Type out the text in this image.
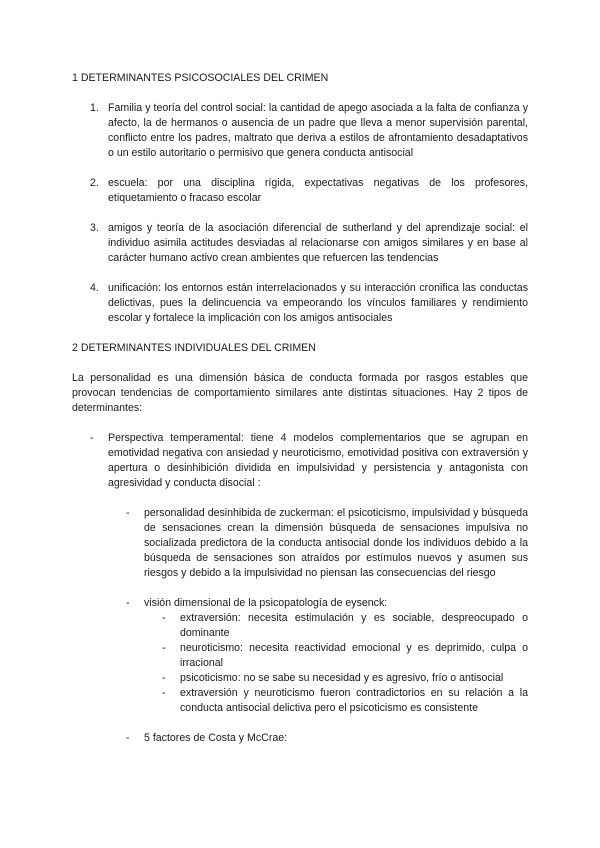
1 DETERMINANTES PSICOSOCIALES DEL CRIMEN

1. Familia y teoría del control social: la cantidad de apego asociada a la falta de confianza y afecto, la de hermanos o ausencia de un padre que lleva a menor supervisión parental, conflicto entre los padres, maltrato que deriva a estilos de afrontamiento desadaptativos o un estilo autoritario o permisivo que genera conducta antisocial
2. escuela: por una disciplina rígida, expectativas negativas de los profesores, etiquetamiento o fracaso escolar
3. amigos y teoría de la asociación diferencial de sutherland y del aprendizaje social: el individuo asimila actitudes desviadas al relacionarse con amigos similares y en base al carácter humano activo crean ambientes que refuercen las tendencias
4. unificación: los entornos están interrelacionados y su interacción cronifica las conductas delictivas, pues la delincuencia va empeorando los vínculos familiares y rendimiento escolar y fortalece la implicación con los amigos antisociales

2 DETERMINANTES INDIVIDUALES DEL CRIMEN

La personalidad es una dimensión básica de conducta formada por rasgos estables que provocan tendencias de comportamiento similares ante distintas situaciones. Hay 2 tipos de determinantes:

- Perspectiva temperamental: tiene 4 modelos complementarios que se agrupan en emotividad negativa con ansiedad y neuroticismo, emotividad positiva con extraversión y apertura o desinhibición dividida en impulsividad y persistencia y antagonista con agresividad y conducta disocial :
- personalidad desinhibida de zuckerman: el psicoticismo, impulsividad y búsqueda de sensaciones crean la dimensión búsqueda de sensaciones impulsiva no socializada predictora de la conducta antisocial donde los individuos debido a la búsqueda de sensaciones son atraídos por estímulos nuevos y asumen sus riesgos y debido a la impulsividad no piensan las consecuencias del riesgo
- visión dimensional de la psicopatología de eysenck:
- extraversión: necesita estimulación y es sociable, despreocupado o dominante
- neuroticismo: necesita reactividad emocional y es deprimido, culpa o irracional
- psicoticismo: no se sabe su necesidad y es agresivo, frío o antisocial
- extraversión y neuroticismo fueron contradictorios en su relación a la conducta antisocial delictiva pero el psicoticismo es consistente
- 5 factores de Costa y McCrae:
